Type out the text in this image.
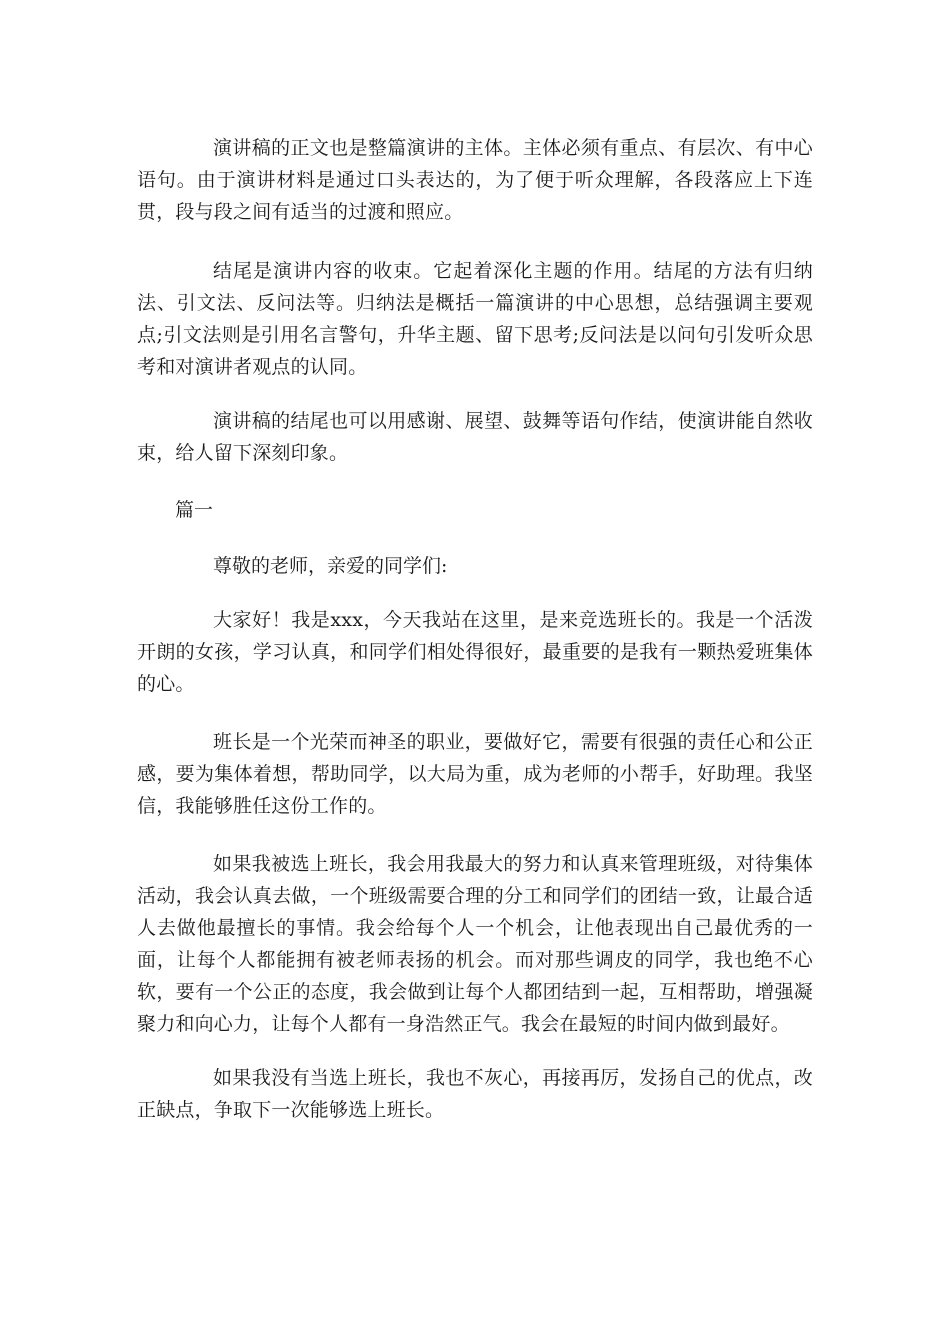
演讲稿的正文也是整篇演讲的主体。主体必须有重点、有层次、有中心语句。由于演讲材料是通过口头表达的，为了便于听众理解，各段落应上下连贯，段与段之间有适当的过渡和照应。

结尾是演讲内容的收束。它起着深化主题的作用。结尾的方法有归纳法、引文法、反问法等。归纳法是概括一篇演讲的中心思想，总结强调主要观点;引文法则是引用名言警句，升华主题、留下思考;反问法是以问句引发听众思考和对演讲者观点的认同。

演讲稿的结尾也可以用感谢、展望、鼓舞等语句作结，使演讲能自然收束，给人留下深刻印象。

篇一

尊敬的老师，亲爱的同学们:

大家好！我是xxx，今天我站在这里，是来竞选班长的。我是一个活泼开朗的女孩，学习认真，和同学们相处得很好，最重要的是我有一颗热爱班集体的心。

班长是一个光荣而神圣的职业，要做好它，需要有很强的责任心和公正感，要为集体着想，帮助同学，以大局为重，成为老师的小帮手，好助理。我坚信，我能够胜任这份工作的。

如果我被选上班长，我会用我最大的努力和认真来管理班级，对待集体活动，我会认真去做，一个班级需要合理的分工和同学们的团结一致，让最合适人去做他最擅长的事情。我会给每个人一个机会，让他表现出自己最优秀的一面，让每个人都能拥有被老师表扬的机会。而对那些调皮的同学，我也绝不心软，要有一个公正的态度，我会做到让每个人都团结到一起，互相帮助，增强凝聚力和向心力，让每个人都有一身浩然正气。我会在最短的时间内做到最好。

如果我没有当选上班长，我也不灰心，再接再厉，发扬自己的优点，改正缺点，争取下一次能够选上班长。
